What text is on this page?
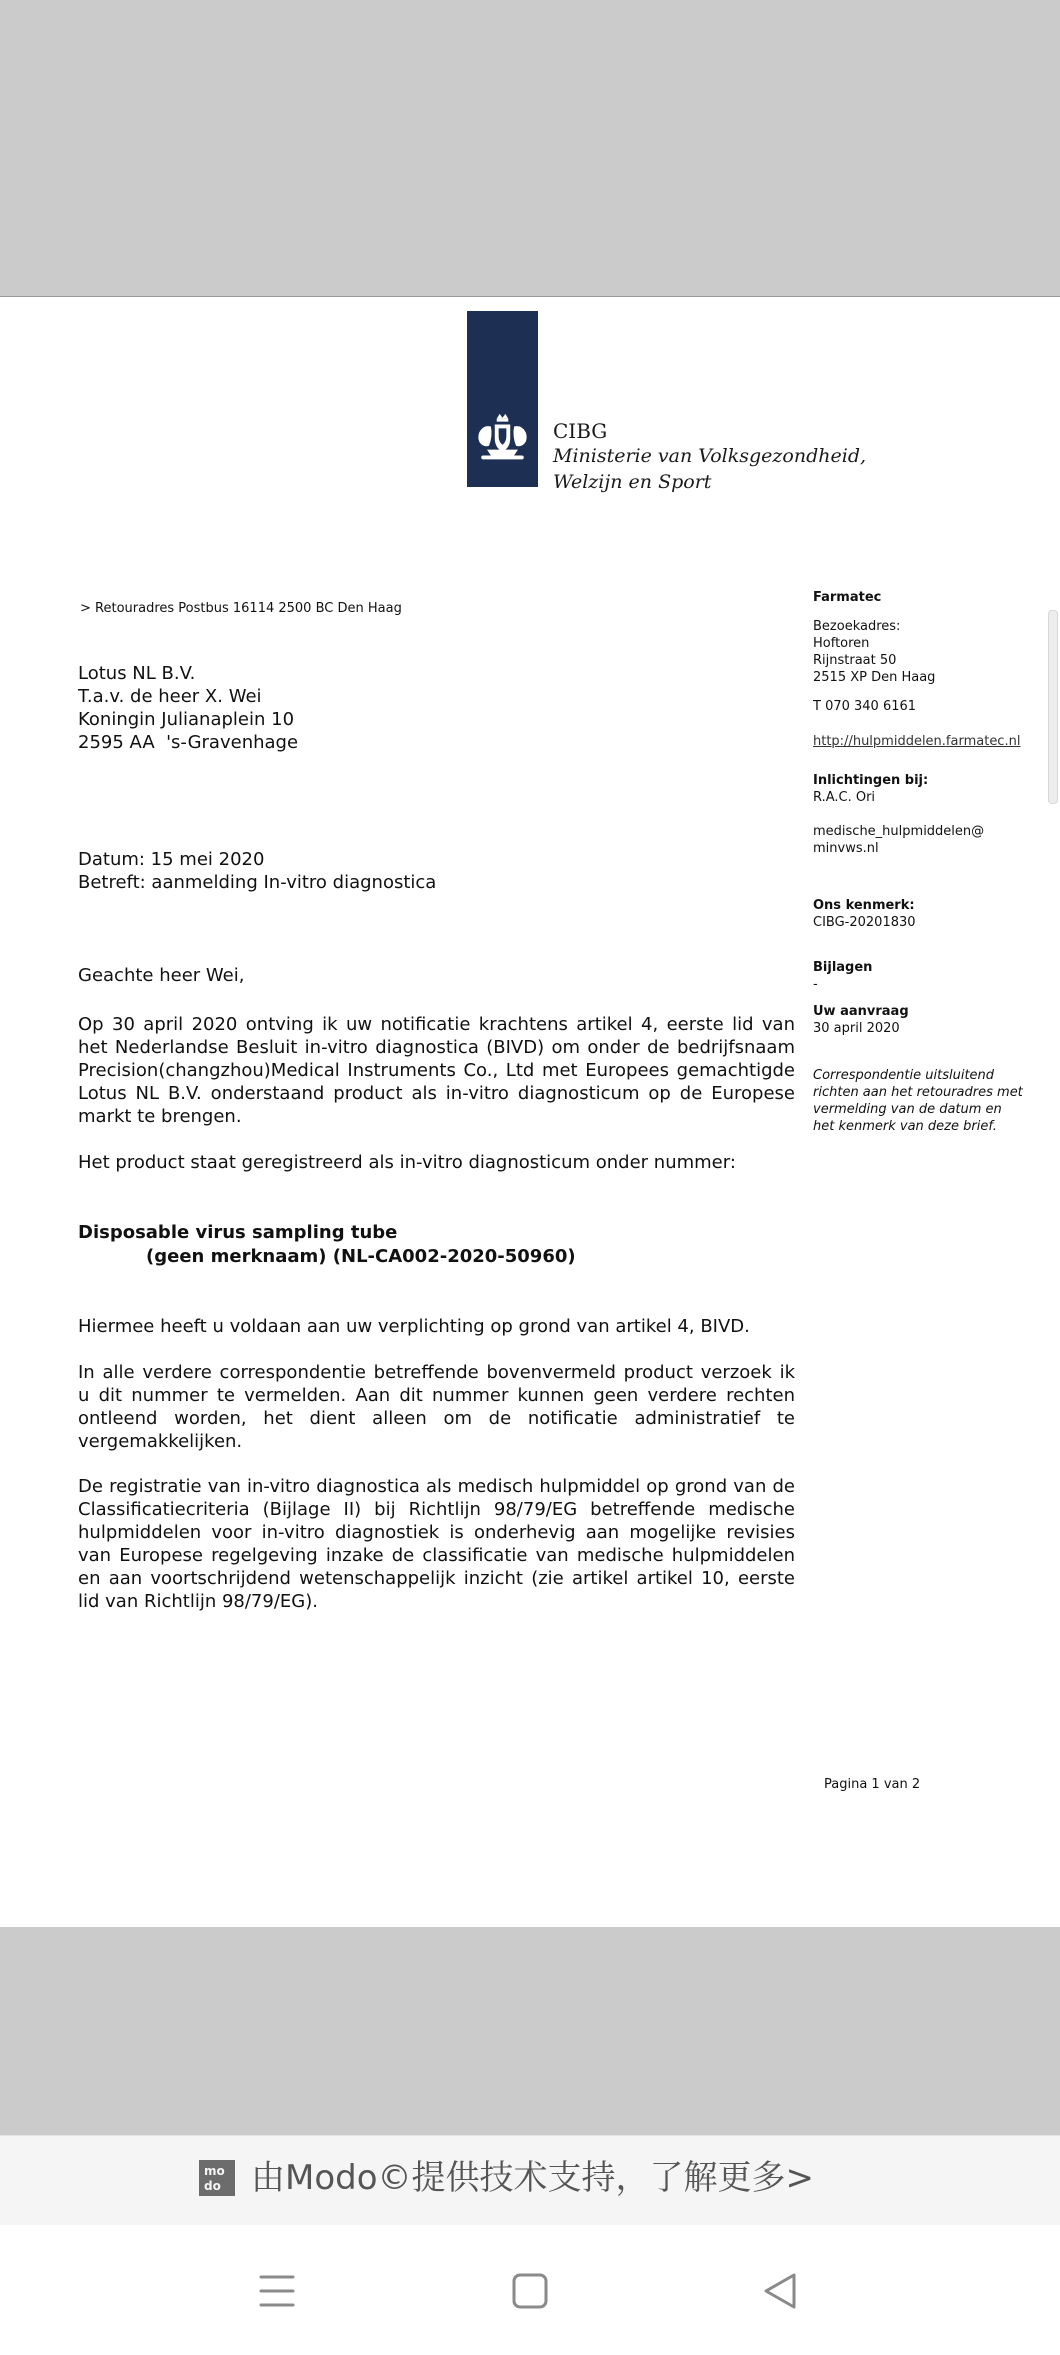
CIBG
Ministerie van Volksgezondheid,
Welzijn en Sport
> Retouradres Postbus 16114 2500 BC Den Haag
Lotus NL B.V.
T.a.v. de heer X. Wei
Koningin Julianaplein 10
2595 AA  's-Gravenhage
Datum: 15 mei 2020
Betreft: aanmelding In-vitro diagnostica
Geachte heer Wei,
Op 30 april 2020 ontving ik uw notificatie krachtens artikel 4, eerste lid van het Nederlandse Besluit in-vitro diagnostica (BIVD) om onder de bedrijfsnaam Precision(changzhou)Medical Instruments Co., Ltd met Europees gemachtigde Lotus NL B.V. onderstaand product als in-vitro diagnosticum op de Europese markt te brengen.
Het product staat geregistreerd als in-vitro diagnosticum onder nummer:
Disposable virus sampling tube
(geen merknaam) (NL-CA002-2020-50960)
Hiermee heeft u voldaan aan uw verplichting op grond van artikel 4, BIVD.
In alle verdere correspondentie betreffende bovenvermeld product verzoek ik u dit nummer te vermelden. Aan dit nummer kunnen geen verdere rechten ontleend worden, het dient alleen om de notificatie administratief te vergemakkelijken.
De registratie van in-vitro diagnostica als medisch hulpmiddel op grond van de Classificatiecriteria (Bijlage II) bij Richtlijn 98/79/EG betreffende medische hulpmiddelen voor in-vitro diagnostiek is onderhevig aan mogelijke revisies van Europese regelgeving inzake de classificatie van medische hulpmiddelen en aan voortschrijdend wetenschappelijk inzicht (zie artikel artikel 10, eerste lid van Richtlijn 98/79/EG).
Farmatec
Bezoekadres:
Hoftoren
Rijnstraat 50
2515 XP Den Haag
T 070 340 6161
http://hulpmiddelen.farmatec.nl
Inlichtingen bij:
R.A.C. Ori
medische_hulpmiddelen@
minvws.nl
Ons kenmerk:
CIBG-20201830
Bijlagen
-
Uw aanvraag
30 april 2020
Correspondentie uitsluitend richten aan het retouradres met vermelding van de datum en het kenmerk van deze brief.
Pagina 1 van 2
mo
do 由Modo©提供技术支持，了解更多>
